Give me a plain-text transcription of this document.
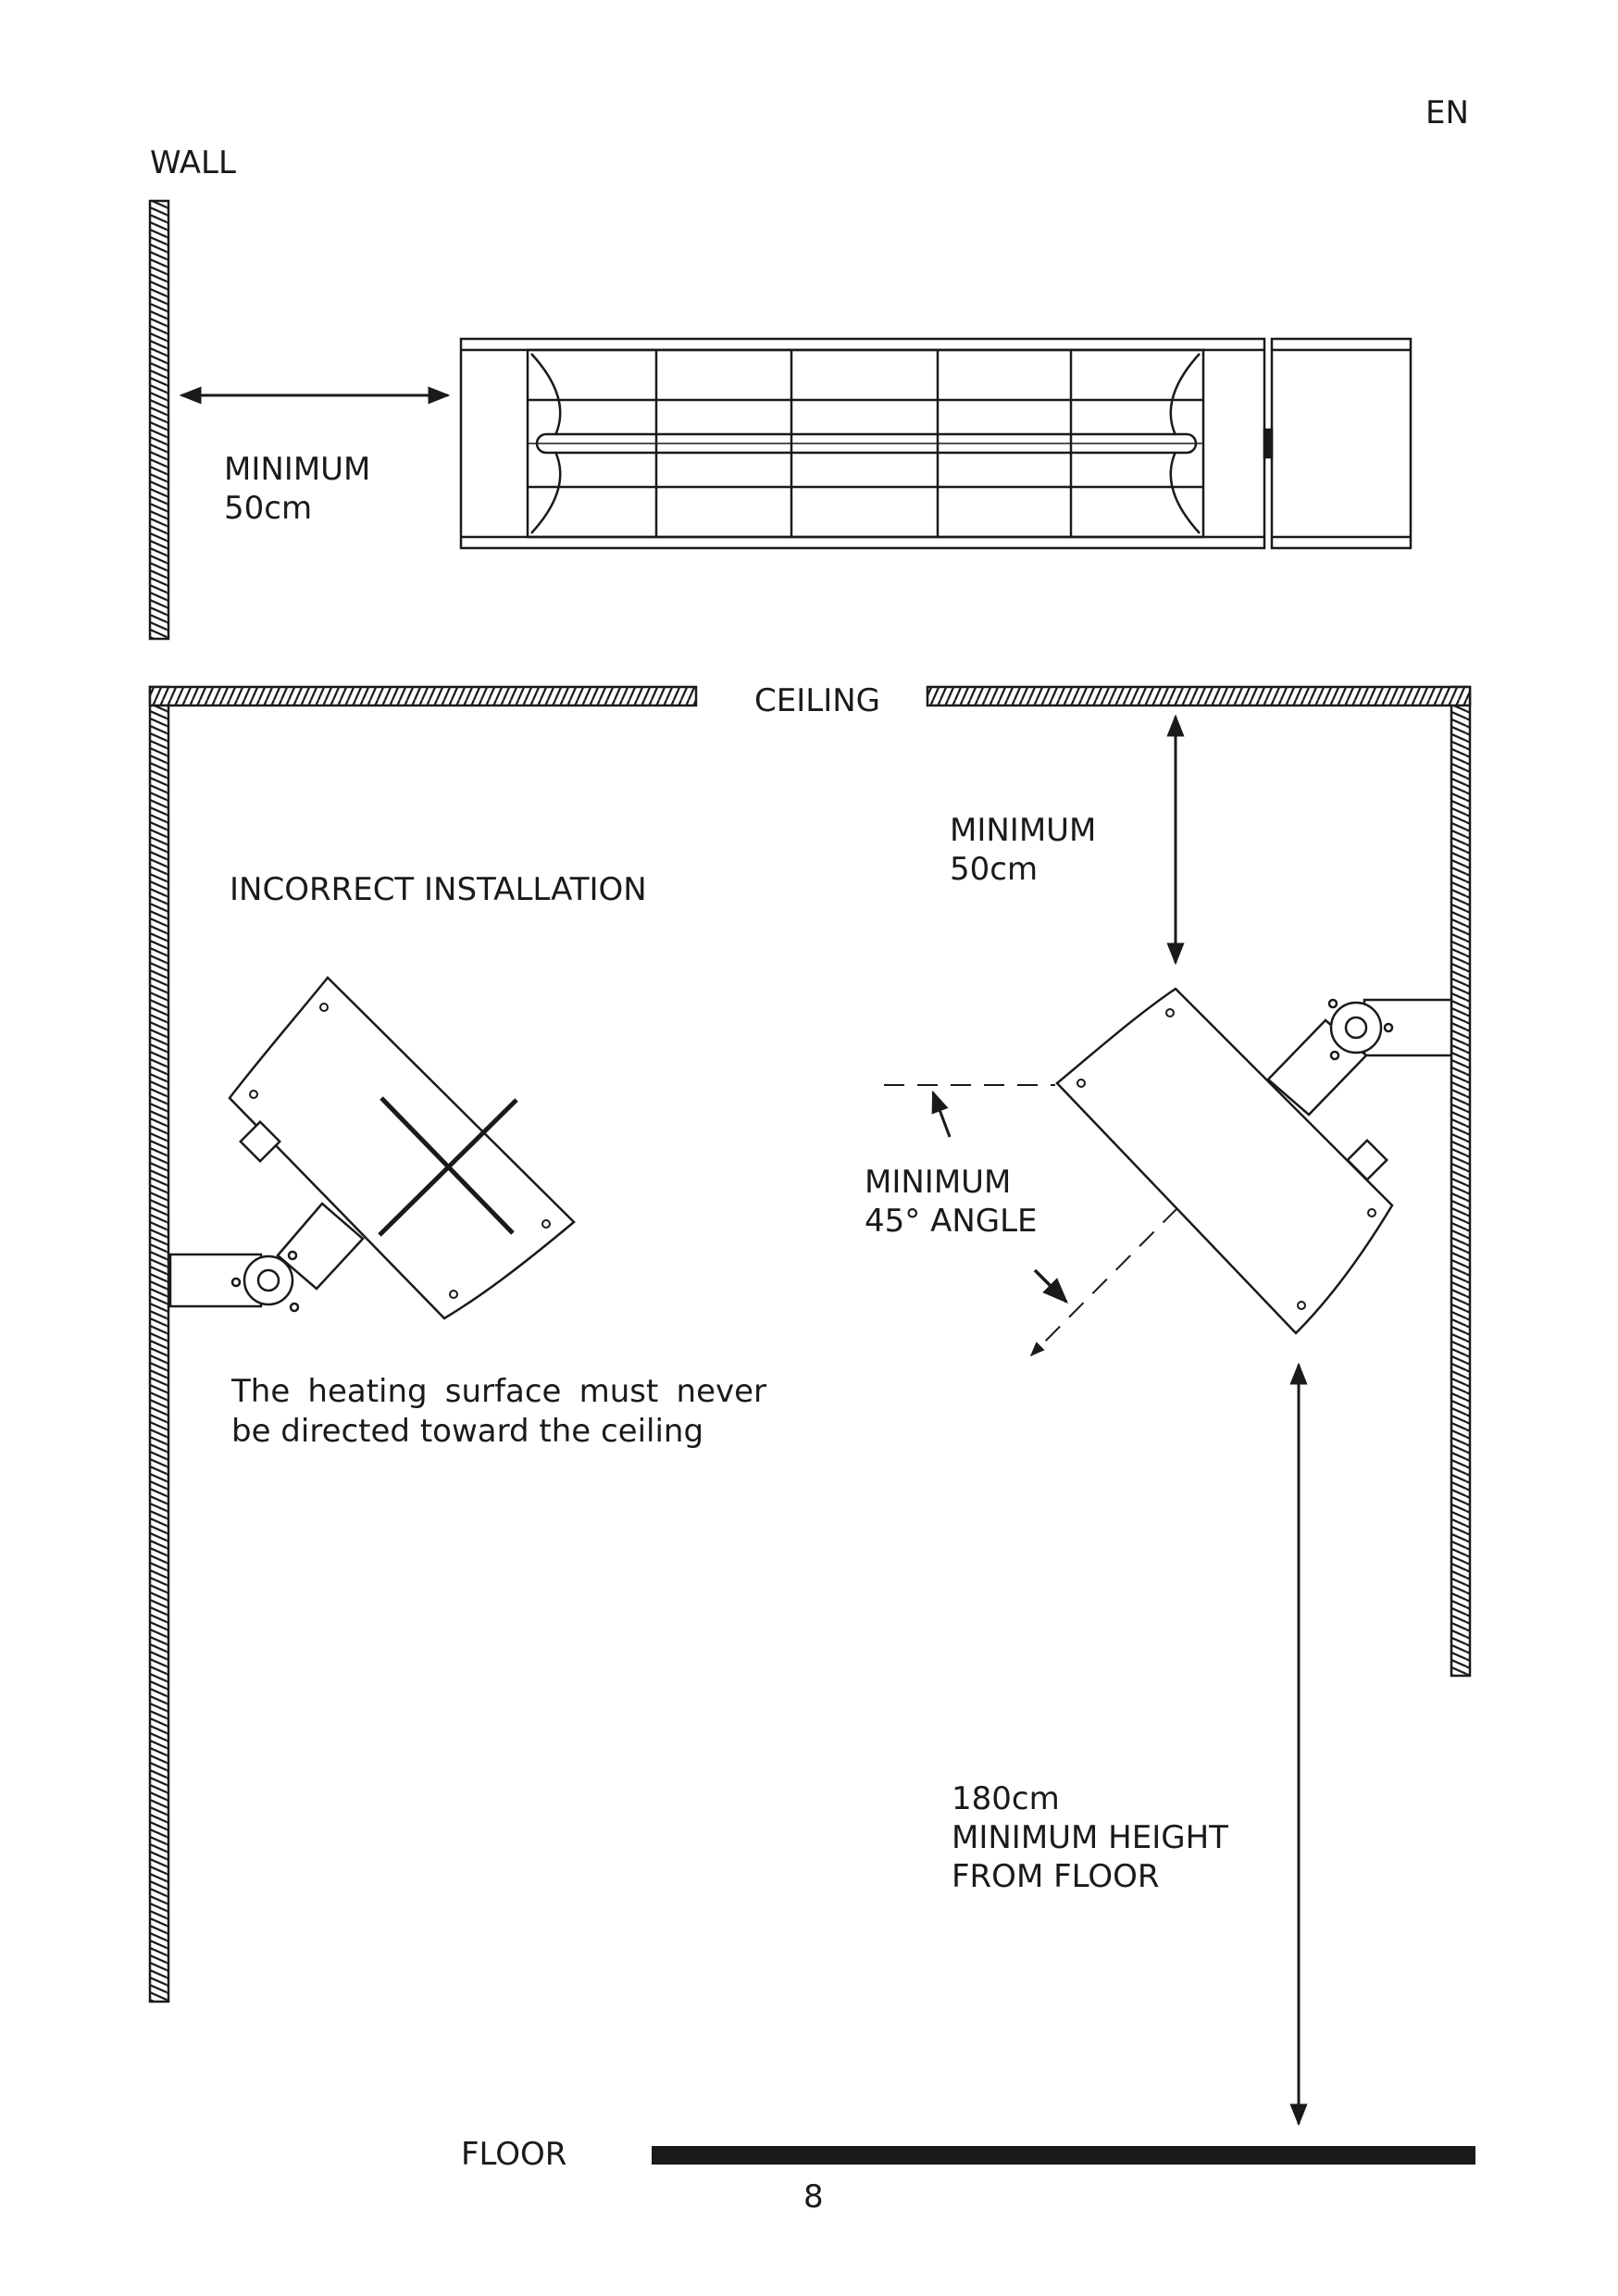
EN

WALL

MINIMUM
50cm

CEILING

MINIMUM
50cm

INCORRECT INSTALLATION

MINIMUM
45° ANGLE

The heating surface must never be directed toward the ceiling

180cm
MINIMUM HEIGHT
FROM FLOOR

FLOOR

8
